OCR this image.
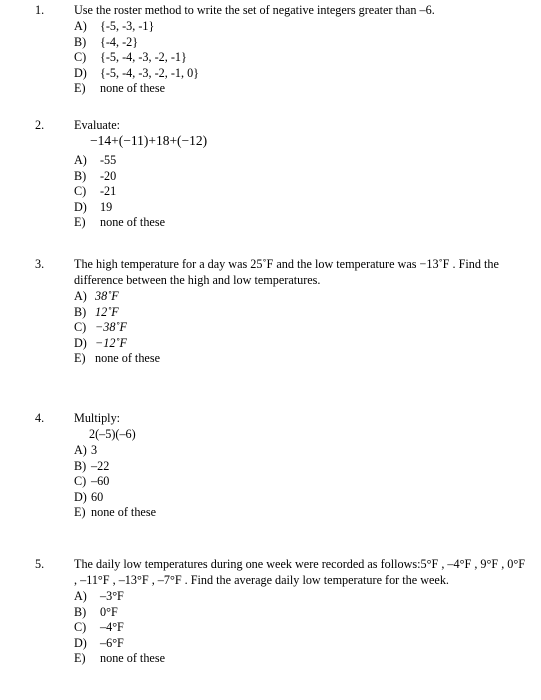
1. Use the roster method to write the set of negative integers greater than –6.
A) {-5, -3, -1}
B) {-4, -2}
C) {-5, -4, -3, -2, -1}
D) {-5, -4, -3, -2, -1, 0}
E) none of these
2. Evaluate:
−14+(−11)+18+(−12)
A) -55
B) -20
C) -21
D) 19
E) none of these
3. The high temperature for a day was 25˚F and the low temperature was −13˚F . Find the difference between the high and low temperatures.
A) 38˚F
B) 12˚F
C) −38˚F
D) −12˚F
E) none of these
4. Multiply:
2(–5)(–6)
A) 3
B) –22
C) –60
D) 60
E) none of these
5. The daily low temperatures during one week were recorded as follows:5°F , –4°F , 9°F , 0°F , –11°F , –13°F , –7°F . Find the average daily low temperature for the week.
A) –3°F
B) 0°F
C) –4°F
D) –6°F
E) none of these
